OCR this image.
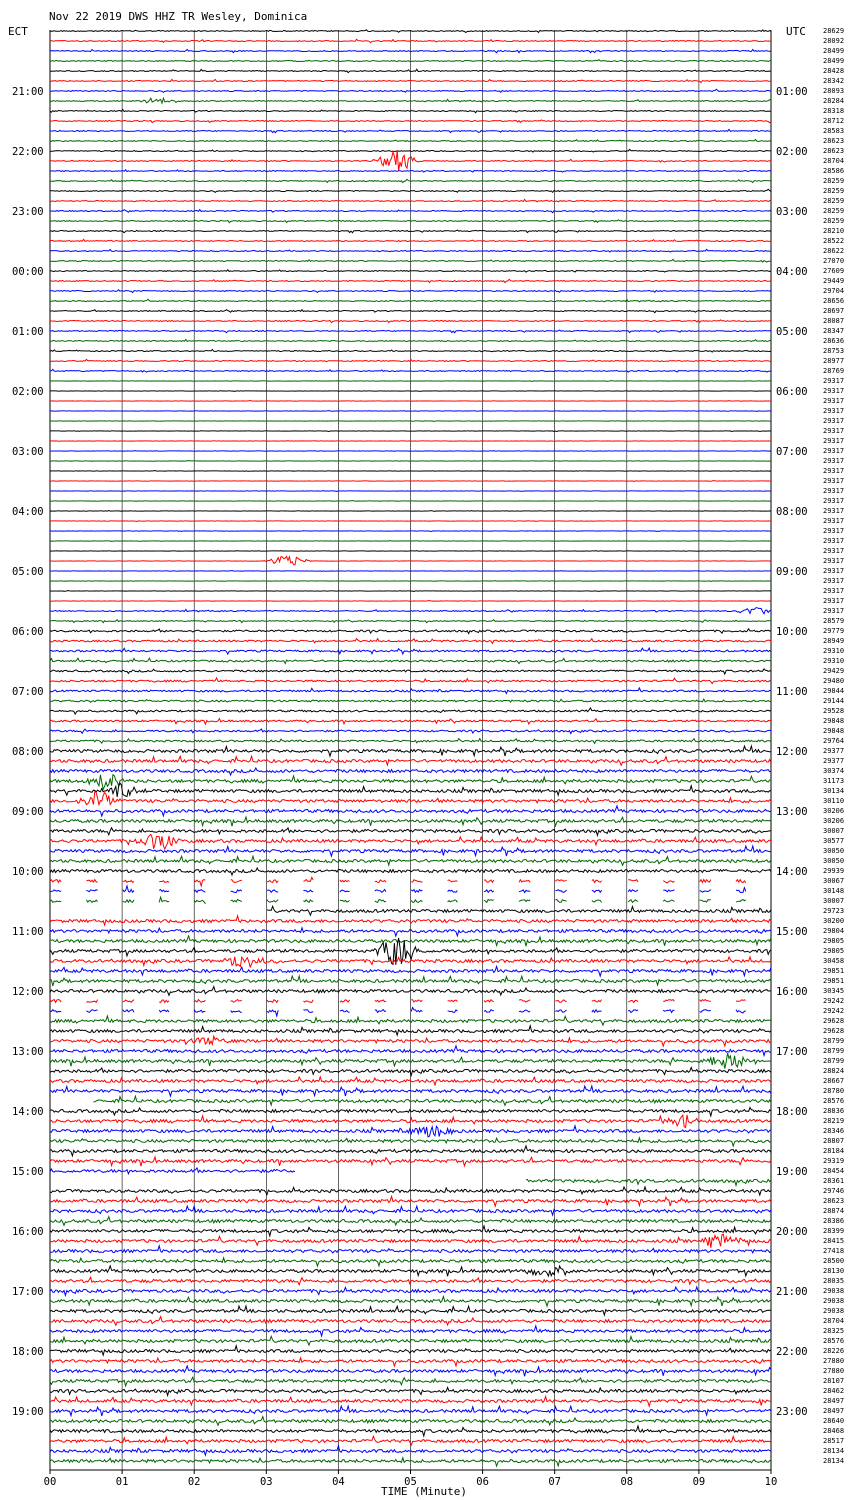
Nov 22 2019 DWS HHZ TR Wesley, Dominica
ECT	UTC
21:00
22:00
23:00
00:00
01:00
02:00
03:00
04:00
05:00
06:00
07:00
08:00
09:00
10:00
11:00
12:00
13:00
14:00
15:00
16:00
17:00
18:00
19:00
01:00
02:00
03:00
04:00
05:00
06:00
07:00
08:00
09:00
10:00
11:00
12:00
13:00
14:00
15:00
16:00
17:00
18:00
19:00
20:00
21:00
22:00
23:00
28629
28092
28499
28499
28428
28342
28093
28284
28318
28712
28583
28623
28623
28704
28586
28259
28259
28259
28259
28259
28210
28522
28622
27070
27609
29449
29704
28656
28697
28087
28347
28636
28753
28977
28769
29317
29317
29317
29317
29317
29317
29317
29317
29317
29317
29317
29317
29317
29317
29317
29317
29317
29317
29317
29317
29317
29317
29317
29317
28579
29779
28949
29310
29310
29429
29480
29844
29144
29528
29848
29848
29764
29377
29377
30374
31173
30134
30110
30206
30206
30007
30577
30050
30050
29939
30067
30148
30007
29723
30200
29804
29805
29805
30458
29851
29851
30345
29242
29242
29628
29628
28799
28799
28799
28824
28667
28780
28576
28836
28219
28346
28807
28184
29319
28454
28361
29746
28623
28874
28386
28399
28415
27418
28500
28130
28035
29038
29038
29038
28704
28325
28576
28226
27880
27880
28107
28462
28497
28497
28640
28468
28517
28134
28134
00	01	02	03	04	05	06	07	08	09	10
TIME (Minute)
